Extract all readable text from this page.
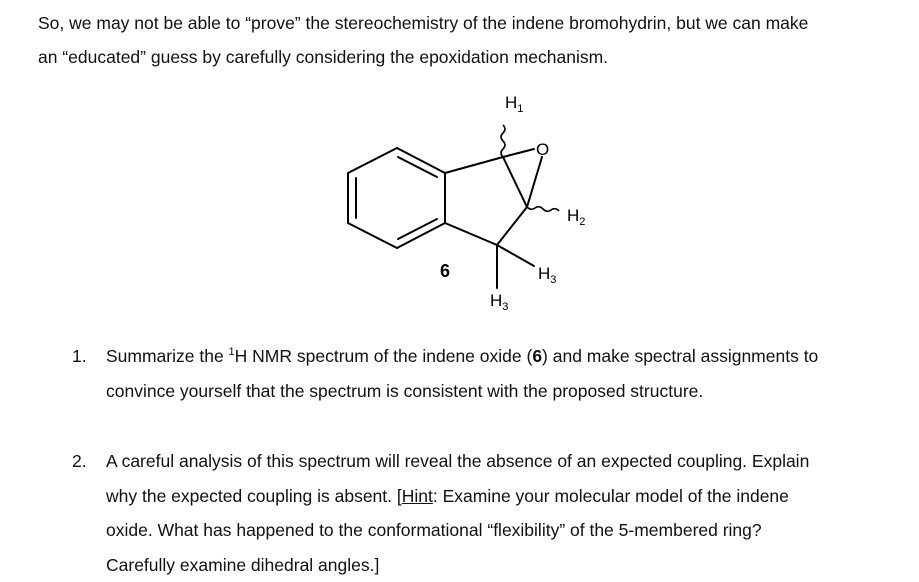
So, we may not be able to “prove” the stereochemistry of the indene bromohydrin, but we can make
an “educated” guess by carefully considering the epoxidation mechanism.

$H_1$
O
$H_2$
$H_3$
$H_3$
6
1. Summarize the $^1$H NMR spectrum of the indene oxide (6) and make spectral assignments to
convince yourself that the spectrum is consistent with the proposed structure.
2. A careful analysis of this spectrum will reveal the absence of an expected coupling. Explain
why the expected coupling is absent. [Hint: Examine your molecular model of the indene
oxide. What has happened to the conformational “flexibility” of the 5-membered ring?
Carefully examine dihedral angles.]
